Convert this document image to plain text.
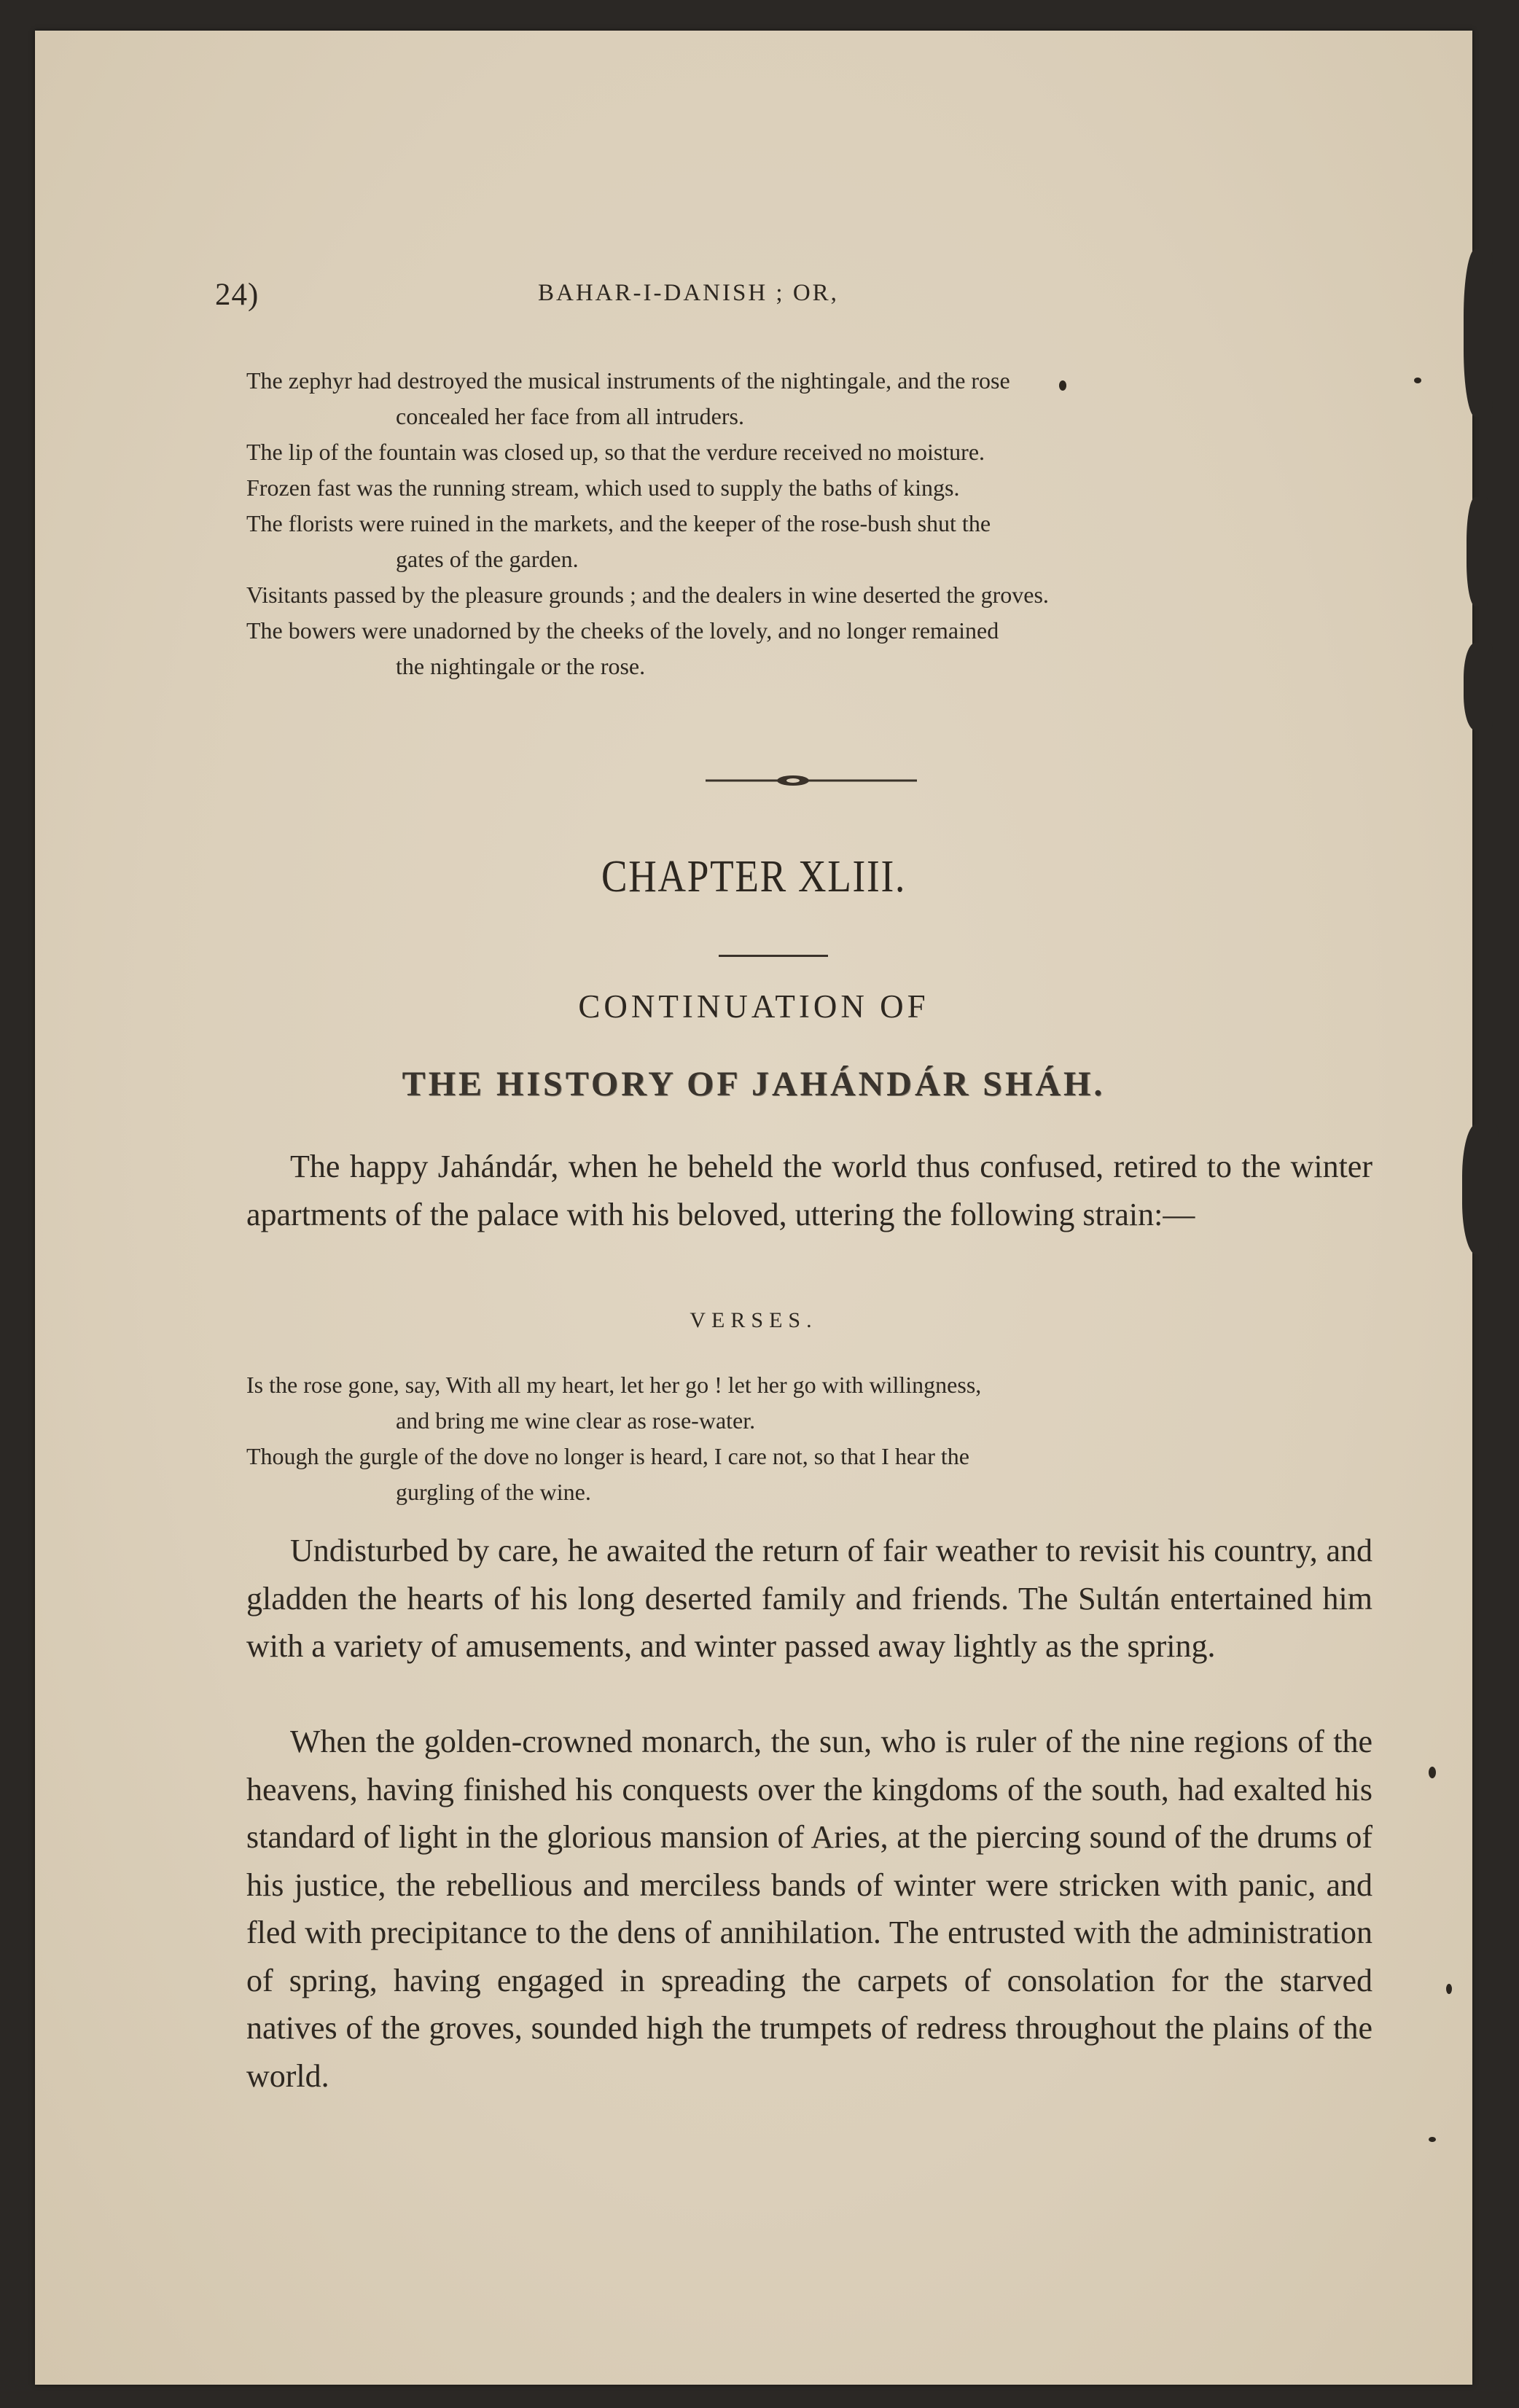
24)	BAHAR-I-DANISH ; OR,
The zephyr had destroyed the musical instruments of the nightingale, and the rose
concealed her face from all intruders.
The lip of the fountain was closed up, so that the verdure received no moisture.
Frozen fast was the running stream, which used to supply the baths of kings.
The florists were ruined in the markets, and the keeper of the rose-bush shut the
gates of the garden.
Visitants passed by the pleasure grounds ; and the dealers in wine deserted the groves.
The bowers were unadorned by the cheeks of the lovely, and no longer remained
the nightingale or the rose.
CHAPTER XLIII.
CONTINUATION OF
THE HISTORY OF JAHÁNDÁR SHÁH.

The happy Jahándár, when he beheld the world thus confused, retired to the winter apartments of the palace with his beloved, uttering the following strain:—

VERSES.
Is the rose gone, say, With all my heart, let her go ! let her go with willingness,
and bring me wine clear as rose-water.
Though the gurgle of the dove no longer is heard, I care not, so that I hear the
gurgling of the wine.

Undisturbed by care, he awaited the return of fair weather to revisit his country, and gladden the hearts of his long deserted family and friends. The Sultán entertained him with a variety of amusements, and winter passed away lightly as the spring.

When the golden-crowned monarch, the sun, who is ruler of the nine regions of the heavens, having finished his conquests over the kingdoms of the south, had exalted his standard of light in the glorious mansion of Aries, at the piercing sound of the drums of his justice, the rebellious and merciless bands of winter were stricken with panic, and fled with precipitance to the dens of annihilation. The entrusted with the administration of spring, having engaged in spreading the carpets of consolation for the starved natives of the groves, sounded high the trumpets of redress throughout the plains of the world.
